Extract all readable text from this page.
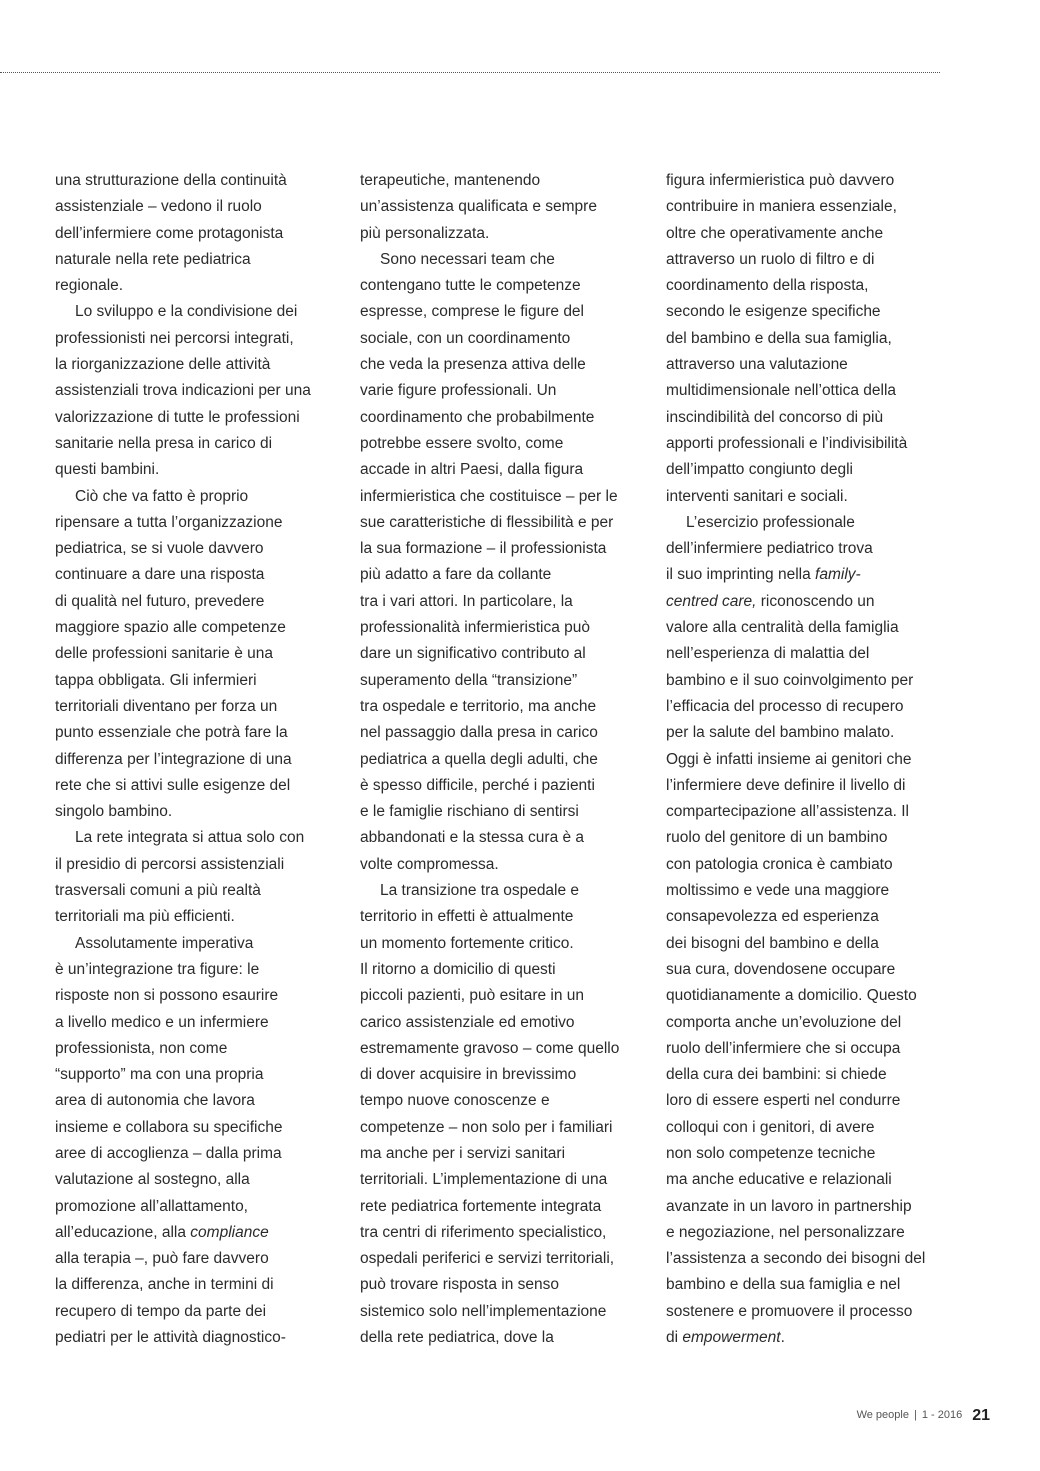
una strutturazione della continuità
assistenziale – vedono il ruolo
dell’infermiere come protagonista
naturale nella rete pediatrica
regionale.
Lo sviluppo e la condivisione dei
professionisti nei percorsi integrati,
la riorganizzazione delle attività
assistenziali trova indicazioni per una
valorizzazione di tutte le professioni
sanitarie nella presa in carico di
questi bambini.
Ciò che va fatto è proprio
ripensare a tutta l’organizzazione
pediatrica, se si vuole davvero
continuare a dare una risposta
di qualità nel futuro, prevedere
maggiore spazio alle competenze
delle professioni sanitarie è una
tappa obbligata. Gli infermieri
territoriali diventano per forza un
punto essenziale che potrà fare la
differenza per l’integrazione di una
rete che si attivi sulle esigenze del
singolo bambino.
La rete integrata si attua solo con
il presidio di percorsi assistenziali
trasversali comuni a più realtà
territoriali ma più efficienti.
Assolutamente imperativa
è un’integrazione tra figure: le
risposte non si possono esaurire
a livello medico e un infermiere
professionista, non come
“supporto” ma con una propria
area di autonomia che lavora
insieme e collabora su specifiche
aree di accoglienza – dalla prima
valutazione al sostegno, alla
promozione all’allattamento,
all’educazione, alla compliance
alla terapia –, può fare davvero
la differenza, anche in termini di
recupero di tempo da parte dei
pediatri per le attività diagnostico-
terapeutiche, mantenendo
un’assistenza qualificata e sempre
più personalizzata.
Sono necessari team che
contengano tutte le competenze
espresse, comprese le figure del
sociale, con un coordinamento
che veda la presenza attiva delle
varie figure professionali. Un
coordinamento che probabilmente
potrebbe essere svolto, come
accade in altri Paesi, dalla figura
infermieristica che costituisce – per le
sue caratteristiche di flessibilità e per
la sua formazione – il professionista
più adatto a fare da collante
tra i vari attori. In particolare, la
professionalità infermieristica può
dare un significativo contributo al
superamento della “transizione”
tra ospedale e territorio, ma anche
nel passaggio dalla presa in carico
pediatrica a quella degli adulti, che
è spesso difficile, perché i pazienti
e le famiglie rischiano di sentirsi
abbandonati e la stessa cura è a
volte compromessa.
La transizione tra ospedale e
territorio in effetti è attualmente
un momento fortemente critico.
Il ritorno a domicilio di questi
piccoli pazienti, può esitare in un
carico assistenziale ed emotivo
estremamente gravoso – come quello
di dover acquisire in brevissimo
tempo nuove conoscenze e
competenze – non solo per i familiari
ma anche per i servizi sanitari
territoriali. L’implementazione di una
rete pediatrica fortemente integrata
tra centri di riferimento specialistico,
ospedali periferici e servizi territoriali,
può trovare risposta in senso
sistemico solo nell’implementazione
della rete pediatrica, dove la
figura infermieristica può davvero
contribuire in maniera essenziale,
oltre che operativamente anche
attraverso un ruolo di filtro e di
coordinamento della risposta,
secondo le esigenze specifiche
del bambino e della sua famiglia,
attraverso una valutazione
multidimensionale nell’ottica della
inscindibilità del concorso di più
apporti professionali e l’indivisibilità
dell’impatto congiunto degli
interventi sanitari e sociali.
L’esercizio professionale
dell’infermiere pediatrico trova
il suo imprinting nella family-
centred care, riconoscendo un
valore alla centralità della famiglia
nell’esperienza di malattia del
bambino e il suo coinvolgimento per
l’efficacia del processo di recupero
per la salute del bambino malato.
Oggi è infatti insieme ai genitori che
l’infermiere deve definire il livello di
compartecipazione all’assistenza. Il
ruolo del genitore di un bambino
con patologia cronica è cambiato
moltissimo e vede una maggiore
consapevolezza ed esperienza
dei bisogni del bambino e della
sua cura, dovendosene occupare
quotidianamente a domicilio. Questo
comporta anche un’evoluzione del
ruolo dell’infermiere che si occupa
della cura dei bambini: si chiede
loro di essere esperti nel condurre
colloqui con i genitori, di avere
non solo competenze tecniche
ma anche educative e relazionali
avanzate in un lavoro in partnership
e negoziazione, nel personalizzare
l’assistenza a secondo dei bisogni del
bambino e della sua famiglia e nel
sostenere e promuovere il processo
di empowerment.
We people | 1 - 2016 21
